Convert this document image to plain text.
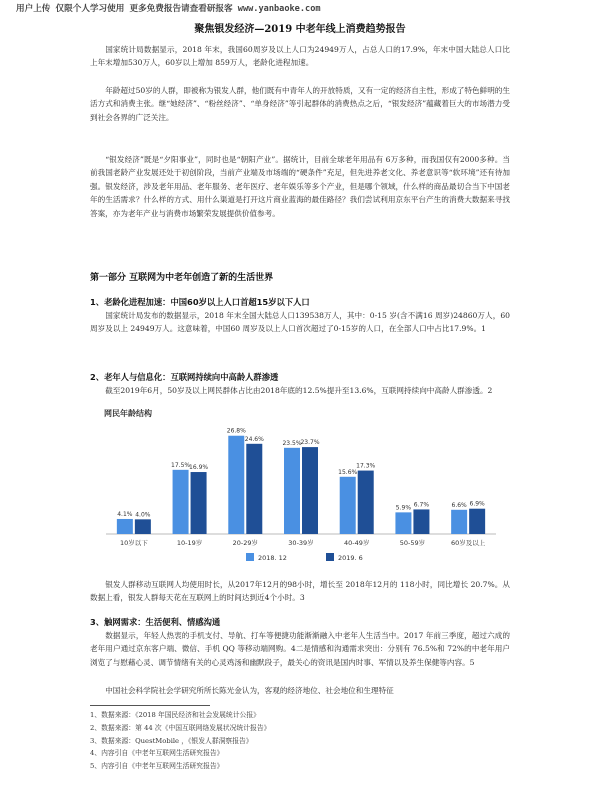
用户上传 仅限个人学习使用 更多免费报告请查看研报客 www.yanbaoke.com
聚焦银发经济—2019 中老年线上消费趋势报告
国家统计局数据显示，2018 年末，我国60周岁及以上人口为24949万人，占总人口的17.9%，年末中国大陆总人口比上年末增加530万人，60岁以上增加 859万人，老龄化进程加速。
年龄超过50岁的人群，即被称为银发人群，他们既有中青年人的开放特质，又有一定的经济自主性，形成了特色鲜明的生活方式和消费主张。继“她经济”、“粉丝经济”、“单身经济”等引起群体的消费热点之后，“银发经济”蕴藏着巨大的市场潜力受到社会各界的广泛关注。
“银发经济”既是“夕阳事业”，同时也是“朝阳产业”。据统计，目前全球老年用品有 6万多种，而我国仅有2000多种。当前我国老龄产业发展还处于初创阶段，当前产业端及市场端的“硬条件”充足，但先进养老文化、养老意识等“软环境”还有待加强。银发经济，涉及老年用品、老年服务、老年医疗、老年娱乐等多个产业，但是哪个领域，什么样的商品最切合当下中国老年的生活需求？什么样的方式、用什么渠道是打开这片商业蓝海的最佳路径？我们尝试利用京东平台产生的消费大数据来寻找答案，亦为老年产业与消费市场繁荣发展提供价值参考。
第一部分 互联网为中老年创造了新的生活世界
1、老龄化进程加速：中国60岁以上人口首超15岁以下人口
国家统计局发布的数据显示，2018 年末全国大陆总人口139538万人，其中：0-15 岁(含不满16 周岁)24860万人，60 周岁及以上 24949万人。这意味着，中国60 周岁及以上人口首次超过了0-15岁的人口，在全部人口中占比17.9%。1
2、老年人与信息化：互联网持续向中高龄人群渗透
截至2019年6月，50岁及以上网民群体占比由2018年底的12.5%提升至13.6%，互联网持续向中高龄人群渗透。2
网民年龄结构
4.1% 4.0%
10岁以下
17.5%
16.9%
10-19岁
26.8%
24.6%
20-29岁
23.5%
23.7%
30-39岁
15.6%
17.3%
40-49岁
5.9% 6.7%
50-59岁
6.6% 6.9%
60岁及以上
2018. 12	2019. 6
银发人群移动互联网人均使用时长，从2017年12月的98小时，增长至 2018年12月的 118小时，同比增长 20.7%。从数据上看，银发人群每天花在互联网上的时间达到近4个小时。3
3、触网需求：生活便利、情感沟通
数据显示，年轻人热衷的手机支付、导航、打车等便捷功能渐渐融入中老年人生活当中。2017 年前三季度，超过六成的老年用户通过京东客户端、微信、手机 QQ 等移动端网购。4二是情感和沟通需求突出：分别有 76.5%和 72%的中老年用户浏览了与慰藉心灵、调节情绪有关的心灵鸡汤和幽默段子，最关心的资讯是国内时事、军情以及养生保健等内容。5
中国社会科学院社会学研究所所长陈光金认为，客观的经济地位、社会地位和生理特征
1、数据来源：《2018 年国民经济和社会发展统计公报》
2、数据来源：第 44 次《中国互联网络发展状况统计报告》
3、数据来源：QuestMobile ，《银发人群洞察报告》
4、内容引自《中老年互联网生活研究报告》
5、内容引自《中老年互联网生活研究报告》
